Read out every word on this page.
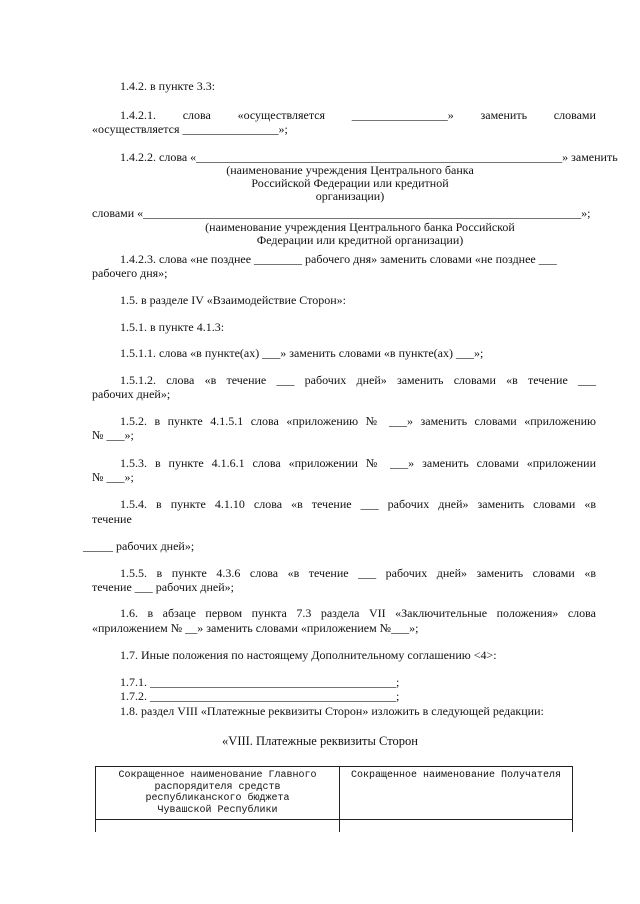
1.4.2. в пункте 3.3:
1.4.2.1. слова «осуществляется ________________» заменить словами
«осуществляется ________________»;
1.4.2.2. слова «_____________________________________________________________» заменить
(наименование учреждения Центрального банка
Российской Федерации или кредитной
организации)
словами «_________________________________________________________________________»;
(наименование учреждения Центрального банка Российской
Федерации или кредитной организации)
1.4.2.3. слова «не позднее ________ рабочего дня» заменить словами «не позднее ___
рабочего дня»;
1.5. в разделе IV «Взаимодействие Сторон»:
1.5.1. в пункте 4.1.3:
1.5.1.1. слова «в пункте(ах) ___» заменить словами «в пункте(ах) ___»;
1.5.1.2. слова «в течение ___ рабочих дней» заменить словами «в течение ___
рабочих дней»;
1.5.2. в пункте 4.1.5.1 слова «приложению № ___» заменить словами «приложению
№ ___»;
1.5.3. в пункте 4.1.6.1 слова «приложении № ___» заменить словами «приложении
№ ___»;
1.5.4. в пункте 4.1.10 слова «в течение ___ рабочих дней» заменить словами «в
течение
_____ рабочих дней»;
1.5.5. в пункте 4.3.6 слова «в течение ___ рабочих дней» заменить словами «в
течение ___ рабочих дней»;
1.6. в абзаце первом пункта 7.3 раздела VII «Заключительные положения» слова
«приложением № __» заменить словами «приложением №___»;
1.7. Иные положения по настоящему Дополнительному соглашению <4>:
1.7.1. _________________________________________;
1.7.2. _________________________________________;
1.8. раздел VIII «Платежные реквизиты Сторон» изложить в следующей редакции:
«VIII. Платежные реквизиты Сторон
Сокращенное наименование Главного
распорядителя средств
республиканского бюджета
Чувашской Республики	Сокращенное наименование Получателя
